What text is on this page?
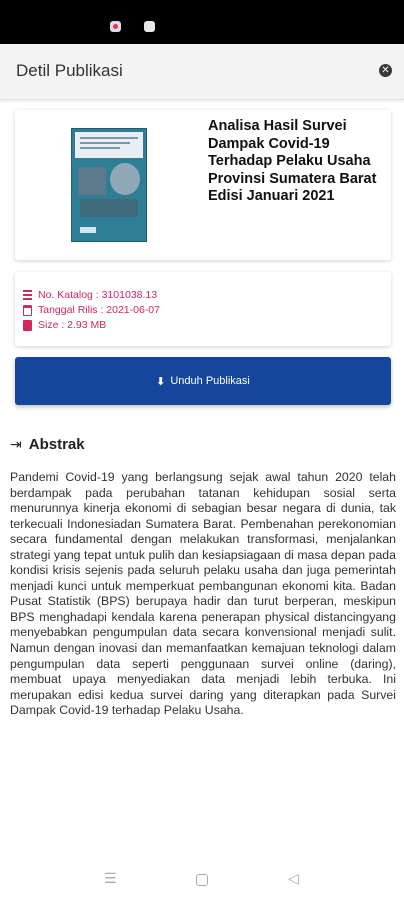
Detil Publikasi	✕
Analisa Hasil Survei Dampak Covid-19 Terhadap Pelaku Usaha Provinsi Sumatera Barat Edisi Januari 2021
No. Katalog : 3101038.13
Tanggal Rilis : 2021-06-07
Size : 2.93 MB
⬇ Unduh Publikasi
⇥ Abstrak
Pandemi Covid-19 yang berlangsung sejak awal tahun 2020 telah berdampak pada perubahan tatanan kehidupan sosial serta menurunnya kinerja ekonomi di sebagian besar negara di dunia, tak terkecuali Indonesiadan Sumatera Barat. Pembenahan perekonomian secara fundamental dengan melakukan transformasi, menjalankan strategi yang tepat untuk pulih dan kesiapsiagaan di masa depan pada kondisi krisis sejenis pada seluruh pelaku usaha dan juga pemerintah menjadi kunci untuk memperkuat pembangunan ekonomi kita. Badan Pusat Statistik (BPS) berupaya hadir dan turut berperan, meskipun BPS menghadapi kendala karena penerapan physical distancingyang menyebabkan pengumpulan data secara konvensional menjadi sulit. Namun dengan inovasi dan memanfaatkan kemajuan teknologi dalam pengumpulan data seperti penggunaan survei online (daring), membuat upaya menyediakan data menjadi lebih terbuka. Ini merupakan edisi kedua survei daring yang diterapkan pada Survei Dampak Covid-19 terhadap Pelaku Usaha.
☰	◁
